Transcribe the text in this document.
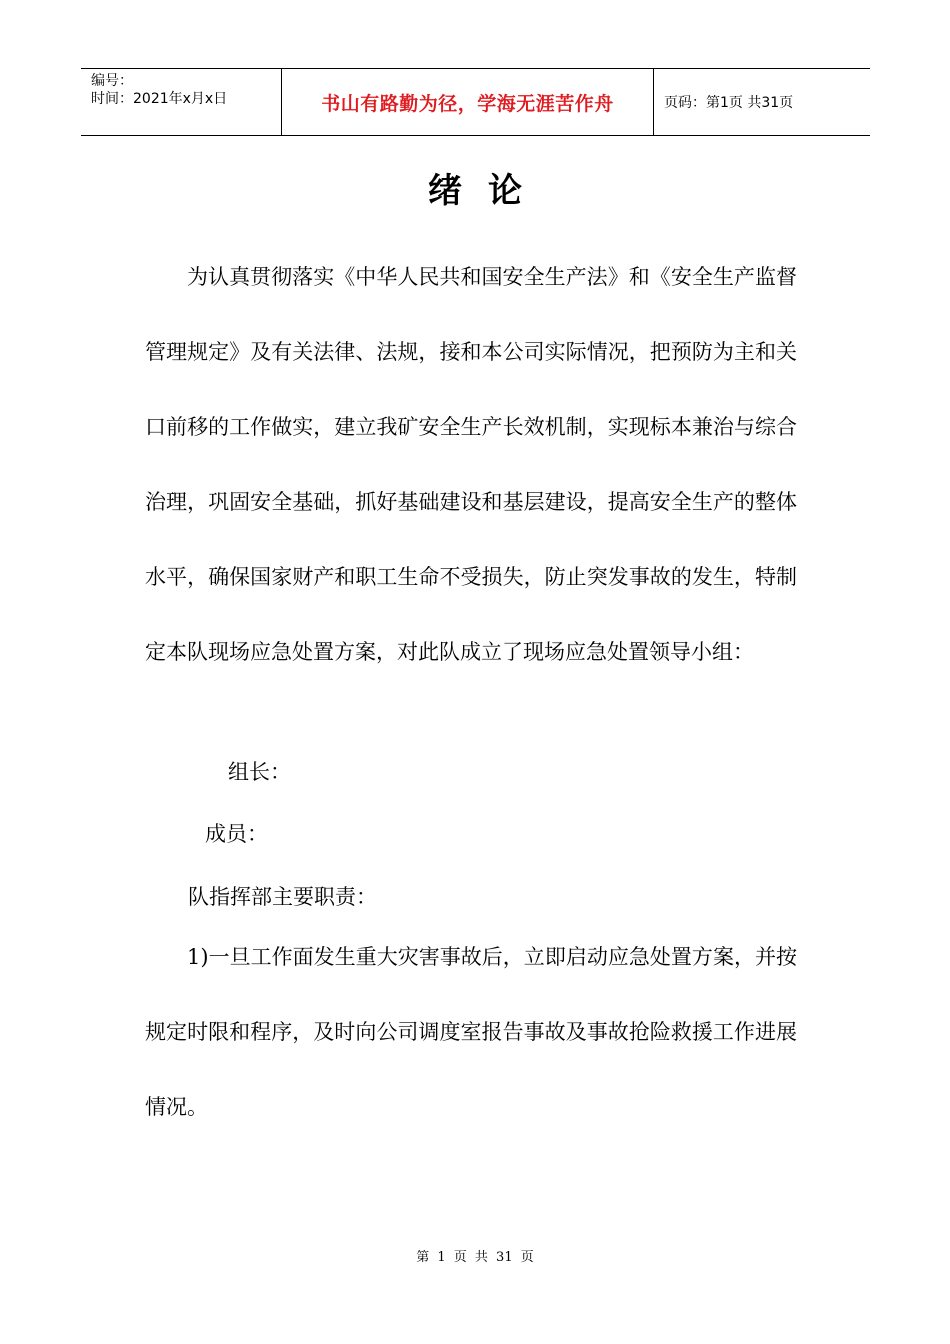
编号：
时间：2021年x月x日	书山有路勤为径，学海无涯苦作舟	页码：第1页 共31页
绪论

为认真贯彻落实《中华人民共和国安全生产法》和《安全生产监督管理规定》及有关法律、法规，接和本公司实际情况，把预防为主和关口前移的工作做实，建立我矿安全生产长效机制，实现标本兼治与综合治理，巩固安全基础，抓好基础建设和基层建设，提高安全生产的整体水平，确保国家财产和职工生命不受损失，防止突发事故的发生，特制定本队现场应急处置方案，对此队成立了现场应急处置领导小组：

组长：

成员：

队指挥部主要职责：

1)一旦工作面发生重大灾害事故后，立即启动应急处置方案，并按规定时限和程序，及时向公司调度室报告事故及事故抢险救援工作进展情况。

第 1 页 共 31 页
